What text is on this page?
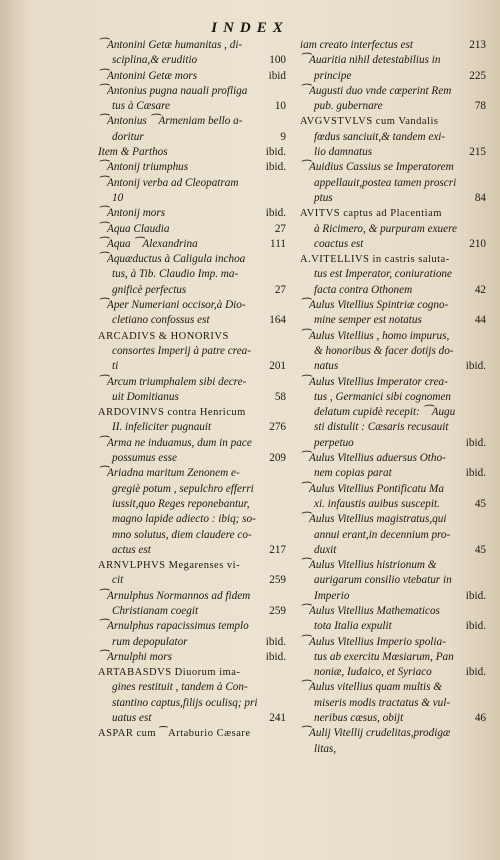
INDEX
⁀Antonini Getæ humanitas , di‑
sciplina,& eruditio	100
⁀Antonini Getæ mors	ibid
⁀Antonius pugna nauali profliga
tus à Cæsare	10
⁀Antonius ⁀Armeniam bello a‑
doritur	9
Item & Parthos	ibid.
⁀Antonij triumphus	ibid.
⁀Antonij verba ad Cleopatram
10
⁀Antonij mors	ibid.
⁀Aqua Claudia	27
⁀Aqua ⁀Alexandrina	111
⁀Aquæductus à Caligula inchoa
tus, à Tib. Claudio Imp. ma‑
gnificè perfectus	27
⁀Aper Numeriani occisor,à Dio‑
cletiano confossus est	164
ARCADIVS & HONORIVS
consortes Imperij à patre crea‑
ti	201
⁀Arcum triumphalem sibi decre‑
uit Domitianus	58
ARDOVINVS contra Henricum
II. infeliciter pugnauit	276
⁀Arma ne induamus, dum in pace
possumus esse	209
⁀Ariadna maritum Zenonem e‑
gregiè potum , sepulchro efferri
iussit,quo Reges reponebantur,
magno lapide adiecto : ibiq; so‑
mno solutus, diem claudere co‑
actus est	217
ARNVLPHVS Megarenses vi‑
cit	259
⁀Arnulphus Normannos ad fidem
Christianam coegit	259
⁀Arnulphus rapacissimus templo
rum depopulator	ibid.
⁀Arnulphi mors	ibid.
ARTABASDVS Diuorum ima‑
gines restituit , tandem à Con‑
stantino captus,filijs oculisq; pri
uatus est	241
ASPAR cum ⁀Artaburio Cæsare
iam creato interfectus est	213
⁀Auaritia nihil detestabilius in
principe	225
⁀Augusti duo vnde cœperint Rem
pub. gubernare	78
AVGVSTVLVS cum Vandalis
fœdus sanciuit,& tandem exi‑
lio damnatus	215
⁀Auidius Cassius se Imperatorem
appellauit,postea tamen proscri
ptus	84
AVITVS captus ad Placentiam
à Ricimero, & purpuram exuere
coactus est	210
A.VITELLIVS in castris saluta‑
tus est Imperator, coniuratione
facta contra Othonem	42
⁀Aulus Vitellius Spintriæ cogno‑
mine semper est notatus	44
⁀Aulus Vitellius , homo impurus,
& honoribus & facer dotijs do‑
natus	ibid.
⁀Aulus Vitellius Imperator crea‑
tus , Germanici sibi cognomen
delatum cupidè recepit: ⁀Augu
sti distulit : Cæsaris recusauit
perpetuo	ibid.
⁀Aulus Vitellius aduersus Otho‑
nem copias parat	ibid.
⁀Aulus Vitellius Pontificatu Ma
xi. infaustis auibus suscepit.	45
⁀Aulus Vitellius magistratus,qui
annui erant,in decennium pro‑
duxit	45
⁀Aulus Vitellius histrionum &
aurigarum consilio vtebatur in
Imperio	ibid.
⁀Aulus Vitellius Mathematicos
tota Italia expulit	ibid.
⁀Aulus Vitellius Imperio spolia‑
tus ab exercitu Mœsiarum, Pan
noniæ, Iudaico, et Syriaco	ibid.
⁀Aulus vitellius quam multis &
miseris modis tractatus & vul‑
neribus cæsus, obijt	46
⁀Aulij Vitellij crudelitas,prodigæ
litas,
